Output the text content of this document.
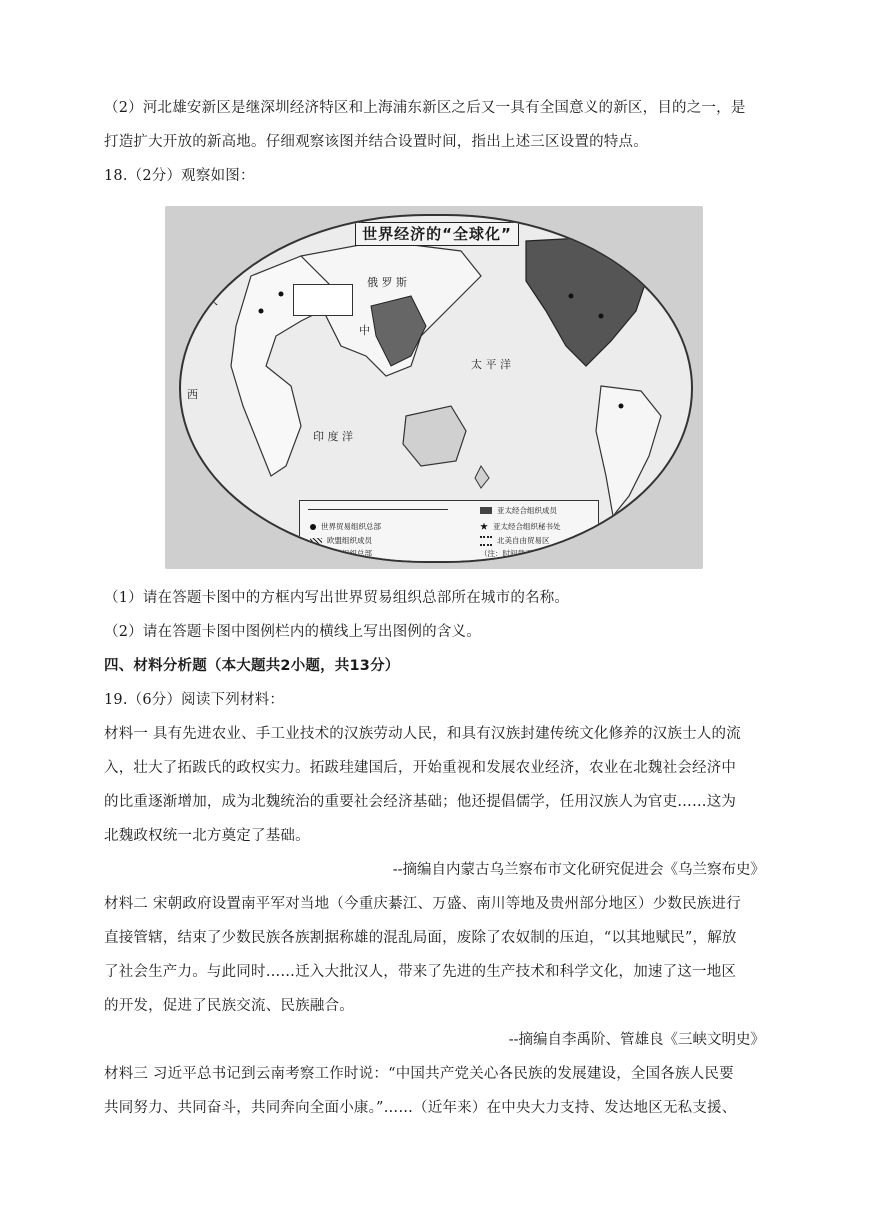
（2）河北雄安新区是继深圳经济特区和上海浦东新区之后又一具有全国意义的新区，目的之一，是
打造扩大开放的新高地。仔细观察该图并结合设置时间，指出上述三区设置的特点。
18.（2分）观察如图：
世界经济的“全球化”
俄 罗 斯
中
太 平 洋
印 度 洋
大
西
洋
亚太经合组织成员
世界贸易组织总部	亚太经合组织秘书处
欧盟组织成员	北美自由贸易区
欧盟组织总部	（注：时间截至2011年12月）
（1）请在答题卡图中的方框内写出世界贸易组织总部所在城市的名称。
（2）请在答题卡图中图例栏内的横线上写出图例的含义。
四、材料分析题（本大题共2小题，共13分）
19.（6分）阅读下列材料：
材料一 具有先进农业、手工业技术的汉族劳动人民，和具有汉族封建传统文化修养的汉族士人的流
入，壮大了拓跋氏的政权实力。拓跋珪建国后，开始重视和发展农业经济，农业在北魏社会经济中
的比重逐渐增加，成为北魏统治的重要社会经济基础；他还提倡儒学，任用汉族人为官吏……这为
北魏政权统一北方奠定了基础。
--摘编自内蒙古乌兰察布市文化研究促进会《乌兰察布史》
材料二 宋朝政府设置南平军对当地（今重庆綦江、万盛、南川等地及贵州部分地区）少数民族进行
直接管辖，结束了少数民族各族割据称雄的混乱局面，废除了农奴制的压迫，“以其地赋民”，解放
了社会生产力。与此同时……迁入大批汉人，带来了先进的生产技术和科学文化，加速了这一地区
的开发，促进了民族交流、民族融合。
--摘编自李禹阶、管雄良《三峡文明史》
材料三 习近平总书记到云南考察工作时说：“中国共产党关心各民族的发展建设，全国各族人民要
共同努力、共同奋斗，共同奔向全面小康。”……（近年来）在中央大力支持、发达地区无私支援、
